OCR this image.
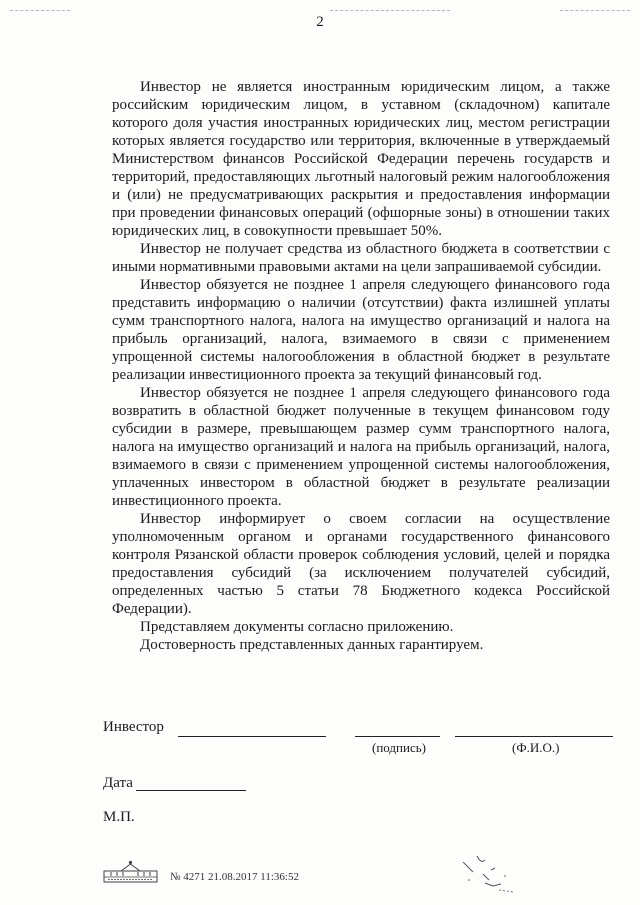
2

Инвестор не является иностранным юридическим лицом, а также российским юридическим лицом, в уставном (складочном) капитале которого доля участия иностранных юридических лиц, местом регистрации которых является государство или территория, включенные в утверждаемый Министерством финансов Российской Федерации перечень государств и территорий, предоставляющих льготный налоговый режим налогообложения и (или) не предусматривающих раскрытия и предоставления информации при проведении финансовых операций (офшорные зоны) в отношении таких юридических лиц, в совокупности превышает 50%.

Инвестор не получает средства из областного бюджета в соответствии с иными нормативными правовыми актами на цели запрашиваемой субсидии.

Инвестор обязуется не позднее 1 апреля следующего финансового года представить информацию о наличии (отсутствии) факта излишней уплаты сумм транспортного налога, налога на имущество организаций и налога на прибыль организаций, налога, взимаемого в связи с применением упрощенной системы налогообложения в областной бюджет в результате реализации инвестиционного проекта за текущий финансовый год.

Инвестор обязуется не позднее 1 апреля следующего финансового года возвратить в областной бюджет полученные в текущем финансовом году субсидии в размере, превышающем размер сумм транспортного налога, налога на имущество организаций и налога на прибыль организаций, налога, взимаемого в связи с применением упрощенной системы налогообложения, уплаченных инвестором в областной бюджет в результате реализации инвестиционного проекта.

Инвестор информирует о своем согласии на осуществление уполномоченным органом и органами государственного финансового контроля Рязанской области проверок соблюдения условий, целей и порядка предоставления субсидий (за исключением получателей субсидий, определенных частью 5 статьи 78 Бюджетного кодекса Российской Федерации).

Представляем документы согласно приложению.

Достоверность представленных данных гарантируем.

Инвестор
(подпись)	(Ф.И.О.)
Дата
М.П.
№ 4271 21.08.2017 11:36:52
